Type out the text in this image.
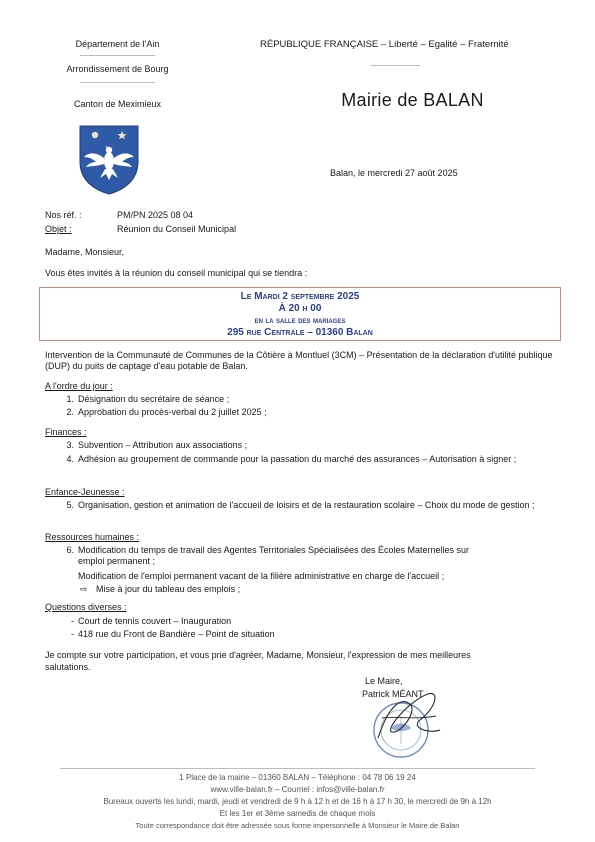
Département de l'Ain
Arrondissement de Bourg
Canton de Meximieux
RÉPUBLIQUE FRANÇAISE – Liberté – Egalité – Fraternité
Mairie de BALAN
Balan, le mercredi 27 août 2025
Nos réf. :	PM/PN 2025 08 04
Objet :	Réunion du Conseil Municipal
Madame, Monsieur,
Vous êtes invités à la réunion du conseil municipal qui se tiendra :
Le Mardi 2 septembre 2025
À 20 h 00
en la salle des mariages
295 rue Centrale – 01360 Balan
Intervention de la Communauté de Communes de la Côtière à Montluel (3CM) – Présentation de la déclaration d'utilité publique (DUP) du puits de captage d'eau potable de Balan.
A l'ordre du jour :
1. Désignation du secrétaire de séance ;
2. Approbation du procès-verbal du 2 juillet 2025 ;
Finances :
3. Subvention – Attribution aux associations ;
4. Adhésion au groupement de commande pour la passation du marché des assurances – Autorisation à signer ;
Enfance-Jeunesse :
5. Organisation, gestion et animation de l'accueil de loisirs et de la restauration scolaire – Choix du mode de gestion ;
Ressources humaines :
6. Modification du temps de travail des Agentes Territoriales Spécialisées des Écoles Maternelles sur
emploi permanent ;
Modification de l'emploi permanent vacant de la filière administrative en charge de l'accueil ;
⇨ Mise à jour du tableau des emplois ;
Questions diverses :
- Court de tennis couvert – Inauguration
- 418 rue du Front de Bandière – Point de situation
Je compte sur votre participation, et vous prie d'agréer, Madame, Monsieur, l'expression de mes meilleures
salutations.
Le Maire,
Patrick MÉANT
1 Place de la mairie – 01360 BALAN – Téléphone : 04 78 06 19 24
www.ville-balan.fr – Courriel : infos@ville-balan.fr
Bureaux ouverts les lundi, mardi, jeudi et vendredi de 9 h à 12 h et de 16 h à 17 h 30, le mercredi de 9h à 12h
Et les 1er et 3ème samedis de chaque mois
Toute correspondance doit être adressée sous forme impersonnelle à Monsieur le Maire de Balan
